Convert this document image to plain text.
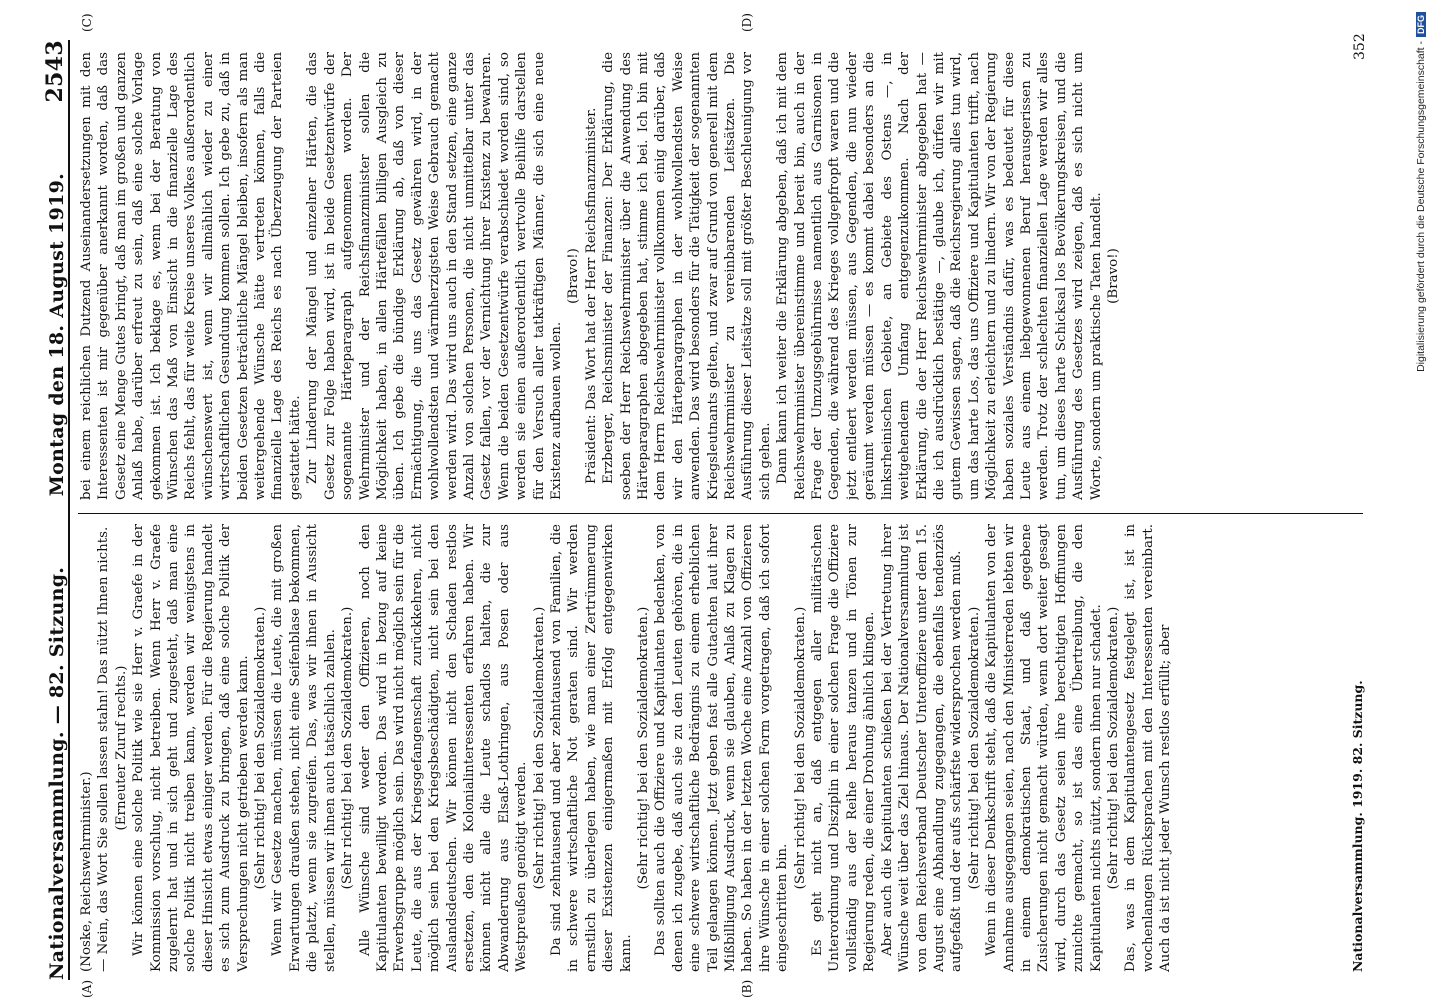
Nationalversammlung. — 82. Sitzung.
Montag den 18. August 1919.
2543
(A)	(B)
(C)	(D)

(Noske, Reichswehrminister.) — Nein, das Wort Sie sollen lassen stahn! Das nützt Ihnen nichts. (Erneuter Zuruf rechts.) Wir können eine solche Politik wie sie Herr v. Graefe in der Kommission vorschlug, nicht betreiben. Wenn Herr v. Graefe zugelernt hat und in sich geht und zugesteht, daß man eine solche Politik nicht treiben kann, werden wir wenigstens in dieser Hinsicht etwas einiger werden. Für die Regierung handelt es sich zum Ausdruck zu bringen, daß eine solche Politik der Versprechungen nicht getrieben werden kann. (Sehr richtig! bei den Sozialdemokraten.) Wenn wir Gesetze machen, müssen die Leute, die mit großen Erwartungen draußen stehen, nicht eine Seifenblase bekommen, die platzt, wenn sie zugreifen. Das, was wir ihnen in Aussicht stellen, müssen wir ihnen auch tatsächlich zahlen. (Sehr richtig! bei den Sozialdemokraten.) Alle Wünsche sind weder den Offizieren, noch den Kapitulanten bewilligt worden. Das wird in bezug auf keine Erwerbsgruppe möglich sein. Das wird nicht möglich sein für die Leute, die aus der Kriegsgefangenschaft zurückkehren, nicht möglich sein bei den Kriegsbeschädigten, nicht sein bei den Auslandsdeutschen. Wir können nicht den Schaden restlos ersetzen, den die Kolonialinteressenten erfahren haben. Wir können nicht alle die Leute schadlos halten, die zur Abwanderung aus Elsaß-Lothringen, aus Posen oder aus Westpreußen genötigt werden. (Sehr richtig! bei den Sozialdemokraten.) Da sind zehntausend und aber zehntausend von Familien, die in schwere wirtschaftliche Not geraten sind. Wir werden ernstlich zu überlegen haben, wie man einer Zertrümmerung dieser Existenzen einigermaßen mit Erfolg entgegenwirken kann.

(Sehr richtig! bei den Sozialdemokraten.) Das sollten auch die Offiziere und Kapitulanten bedenken, von denen ich zugebe, daß auch sie zu den Leuten gehören, die in eine schwere wirtschaftliche Bedrängnis zu einem erheblichen Teil gelangen können. Jetzt geben fast alle Gutachten laut ihrer Mißbilligung Ausdruck, wenn sie glauben, Anlaß zu Klagen zu haben. So haben in der letzten Woche eine Anzahl von Offizieren ihre Wünsche in einer solchen Form vorgetragen, daß ich sofort eingeschritten bin.

(Sehr richtig! bei den Sozialdemokraten.) Es geht nicht an, daß entgegen aller militärischen Unterordnung und Disziplin in einer solchen Frage die Offiziere vollständig aus der Reihe heraus tanzen und in Tönen zur Regierung reden, die einer Drohung ähnlich klingen. Aber auch die Kapitulanten schießen bei der Vertretung ihrer Wünsche weit über das Ziel hinaus. Der Nationalversammlung ist von dem Reichsverband Deutscher Unteroffiziere unter dem 15. August eine Abhandlung zugegangen, die ebenfalls tendenziös aufgefaßt und der aufs schärfste widersprochen werden muß. (Sehr richtig! bei den Sozialdemokraten.) Wenn in dieser Denkschrift steht, daß die Kapitulanten von der Annahme ausgegangen seien, nach den Ministerreden lebten wir in einem demokratischen Staat, und daß gegebene Zusicherungen nicht gemacht würden, wenn dort weiter gesagt wird, durch das Gesetz seien ihre berechtigten Hoffnungen zunichte gemacht, so ist das eine Übertreibung, die den Kapitulanten nichts nützt, sondern ihnen nur schadet. (Sehr richtig! bei den Sozialdemokraten.) Das, was in dem Kapitulantengesetz festgelegt ist, ist in wochenlangen Rücksprachen mit den Interessenten vereinbart. Auch da ist nicht jeder Wunsch restlos erfüllt; aber

bei einem reichlichen Dutzend Auseinandersetzungen mit den Interessenten ist mir gegenüber anerkannt worden, daß das Gesetz eine Menge Gutes bringt, daß man im großen und ganzen Anlaß habe, darüber erfreut zu sein, daß eine solche Vorlage gekommen ist. Ich beklage es, wenn bei der Beratung von Wünschen das Maß von Einsicht in die finanzielle Lage des Reichs fehlt, das für weite Kreise unseres Volkes außerordentlich wünschenswert ist, wenn wir allmählich wieder zu einer wirtschaftlichen Gesundung kommen sollen. Ich gebe zu, daß in beiden Gesetzen beträchtliche Mängel bleiben, insofern als man weitergehende Wünsche hätte vertreten können, falls die finanzielle Lage des Reichs es nach Überzeugung der Parteien gestattet hätte. Zur Linderung der Mängel und einzelner Härten, die das Gesetz zur Folge haben wird, ist in beide Gesetzentwürfe der sogenannte Härteparagraph aufgenommen worden. Der Wehrminister und der Reichsfinanzminister sollen die Möglichkeit haben, in allen Härtefällen billigen Ausgleich zu üben. Ich gebe die bündige Erklärung ab, daß von dieser Ermächtigung, die uns das Gesetz gewähren wird, in der wohlwollendsten und wärmherzigsten Weise Gebrauch gemacht werden wird. Das wird uns auch in den Stand setzen, eine ganze Anzahl von solchen Personen, die nicht unmittelbar unter das Gesetz fallen, vor der Vernichtung ihrer Existenz zu bewahren. Wenn die beiden Gesetzentwürfe verabschiedet worden sind, so werden sie einen außerordentlich wertvolle Beihilfe darstellen für den Versuch aller tatkräftigen Männer, die sich eine neue Existenz aufbauen wollen.

(Bravo!) Präsident: Das Wort hat der Herr Reichsfinanzminister. Erzberger, Reichsminister der Finanzen: Der Erklärung, die soeben der Herr Reichswehrminister über die Anwendung des Härteparagraphen abgegeben hat, stimme ich bei. Ich bin mit dem Herrn Reichswehrminister vollkommen einig darüber, daß wir den Härteparagraphen in der wohlwollendsten Weise anwenden. Das wird besonders für die Tätigkeit der sogenannten Kriegsleutnants gelten, und zwar auf Grund von generell mit dem Reichswehrminister zu vereinbarenden Leitsätzen. Die Ausführung dieser Leitsätze soll mit größter Beschleunigung vor sich gehen. Dann kann ich weiter die Erklärung abgeben, daß ich mit dem Reichswehrminister übereinstimme und bereit bin, auch in der Frage der Umzugsgebührnisse namentlich aus Garnisonen in Gegenden, die während des Krieges vollgepfropft waren und die jetzt entleert werden müssen, aus Gegenden, die nun wieder geräumt werden müssen — es kommt dabei besonders an die linksrheinischen Gebiete, an Gebiete des Ostens —, in weitgehendem Umfang entgegenzukommen. Nach der Erklärung, die der Herr Reichswehrminister abgegeben hat — die ich ausdrücklich bestätige —, glaube ich, dürfen wir mit gutem Gewissen sagen, daß die Reichsregierung alles tun wird, um das harte Los, das uns Offiziere und Kapitulanten trifft, nach Möglichkeit zu erleichtern und zu lindern. Wir von der Regierung haben soziales Verständnis dafür, was es bedeutet für diese Leute aus einem liebgewonnenen Beruf herausgerissen zu werden. Trotz der schlechten finanziellen Lage werden wir alles tun, um dieses harte Schicksal los Bevölkerungskreisen, und die Ausführung des Gesetzes wird zeigen, daß es sich nicht um Worte, sondern um praktische Taten handelt. (Bravo!)

Nationalversammlung. 1919. 82. Sitzung.
352	Digitalisierung gefördert durch die Deutsche Forschungsgemeinschaft -
DFG
